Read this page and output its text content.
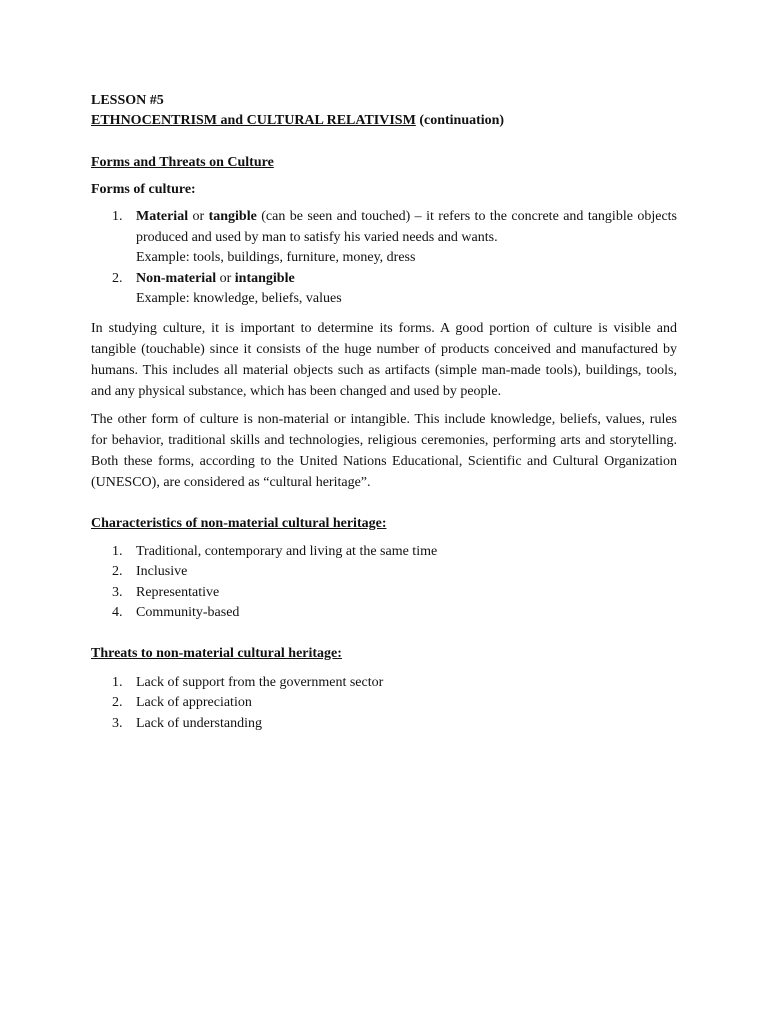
LESSON #5
ETHNOCENTRISM and CULTURAL RELATIVISM (continuation)
Forms and Threats on Culture
Forms of culture:
1. Material or tangible (can be seen and touched) – it refers to the concrete and tangible objects produced and used by man to satisfy his varied needs and wants.
Example: tools, buildings, furniture, money, dress
2. Non-material or intangible
Example: knowledge, beliefs, values

In studying culture, it is important to determine its forms. A good portion of culture is visible and tangible (touchable) since it consists of the huge number of products conceived and manufactured by humans. This includes all material objects such as artifacts (simple man-made tools), buildings, tools, and any physical substance, which has been changed and used by people.

The other form of culture is non-material or intangible. This include knowledge, beliefs, values, rules for behavior, traditional skills and technologies, religious ceremonies, performing arts and storytelling. Both these forms, according to the United Nations Educational, Scientific and Cultural Organization (UNESCO), are considered as “cultural heritage”.

Characteristics of non-material cultural heritage:
1. Traditional, contemporary and living at the same time
2. Inclusive
3. Representative
4. Community-based
Threats to non-material cultural heritage:
1. Lack of support from the government sector
2. Lack of appreciation
3. Lack of understanding
